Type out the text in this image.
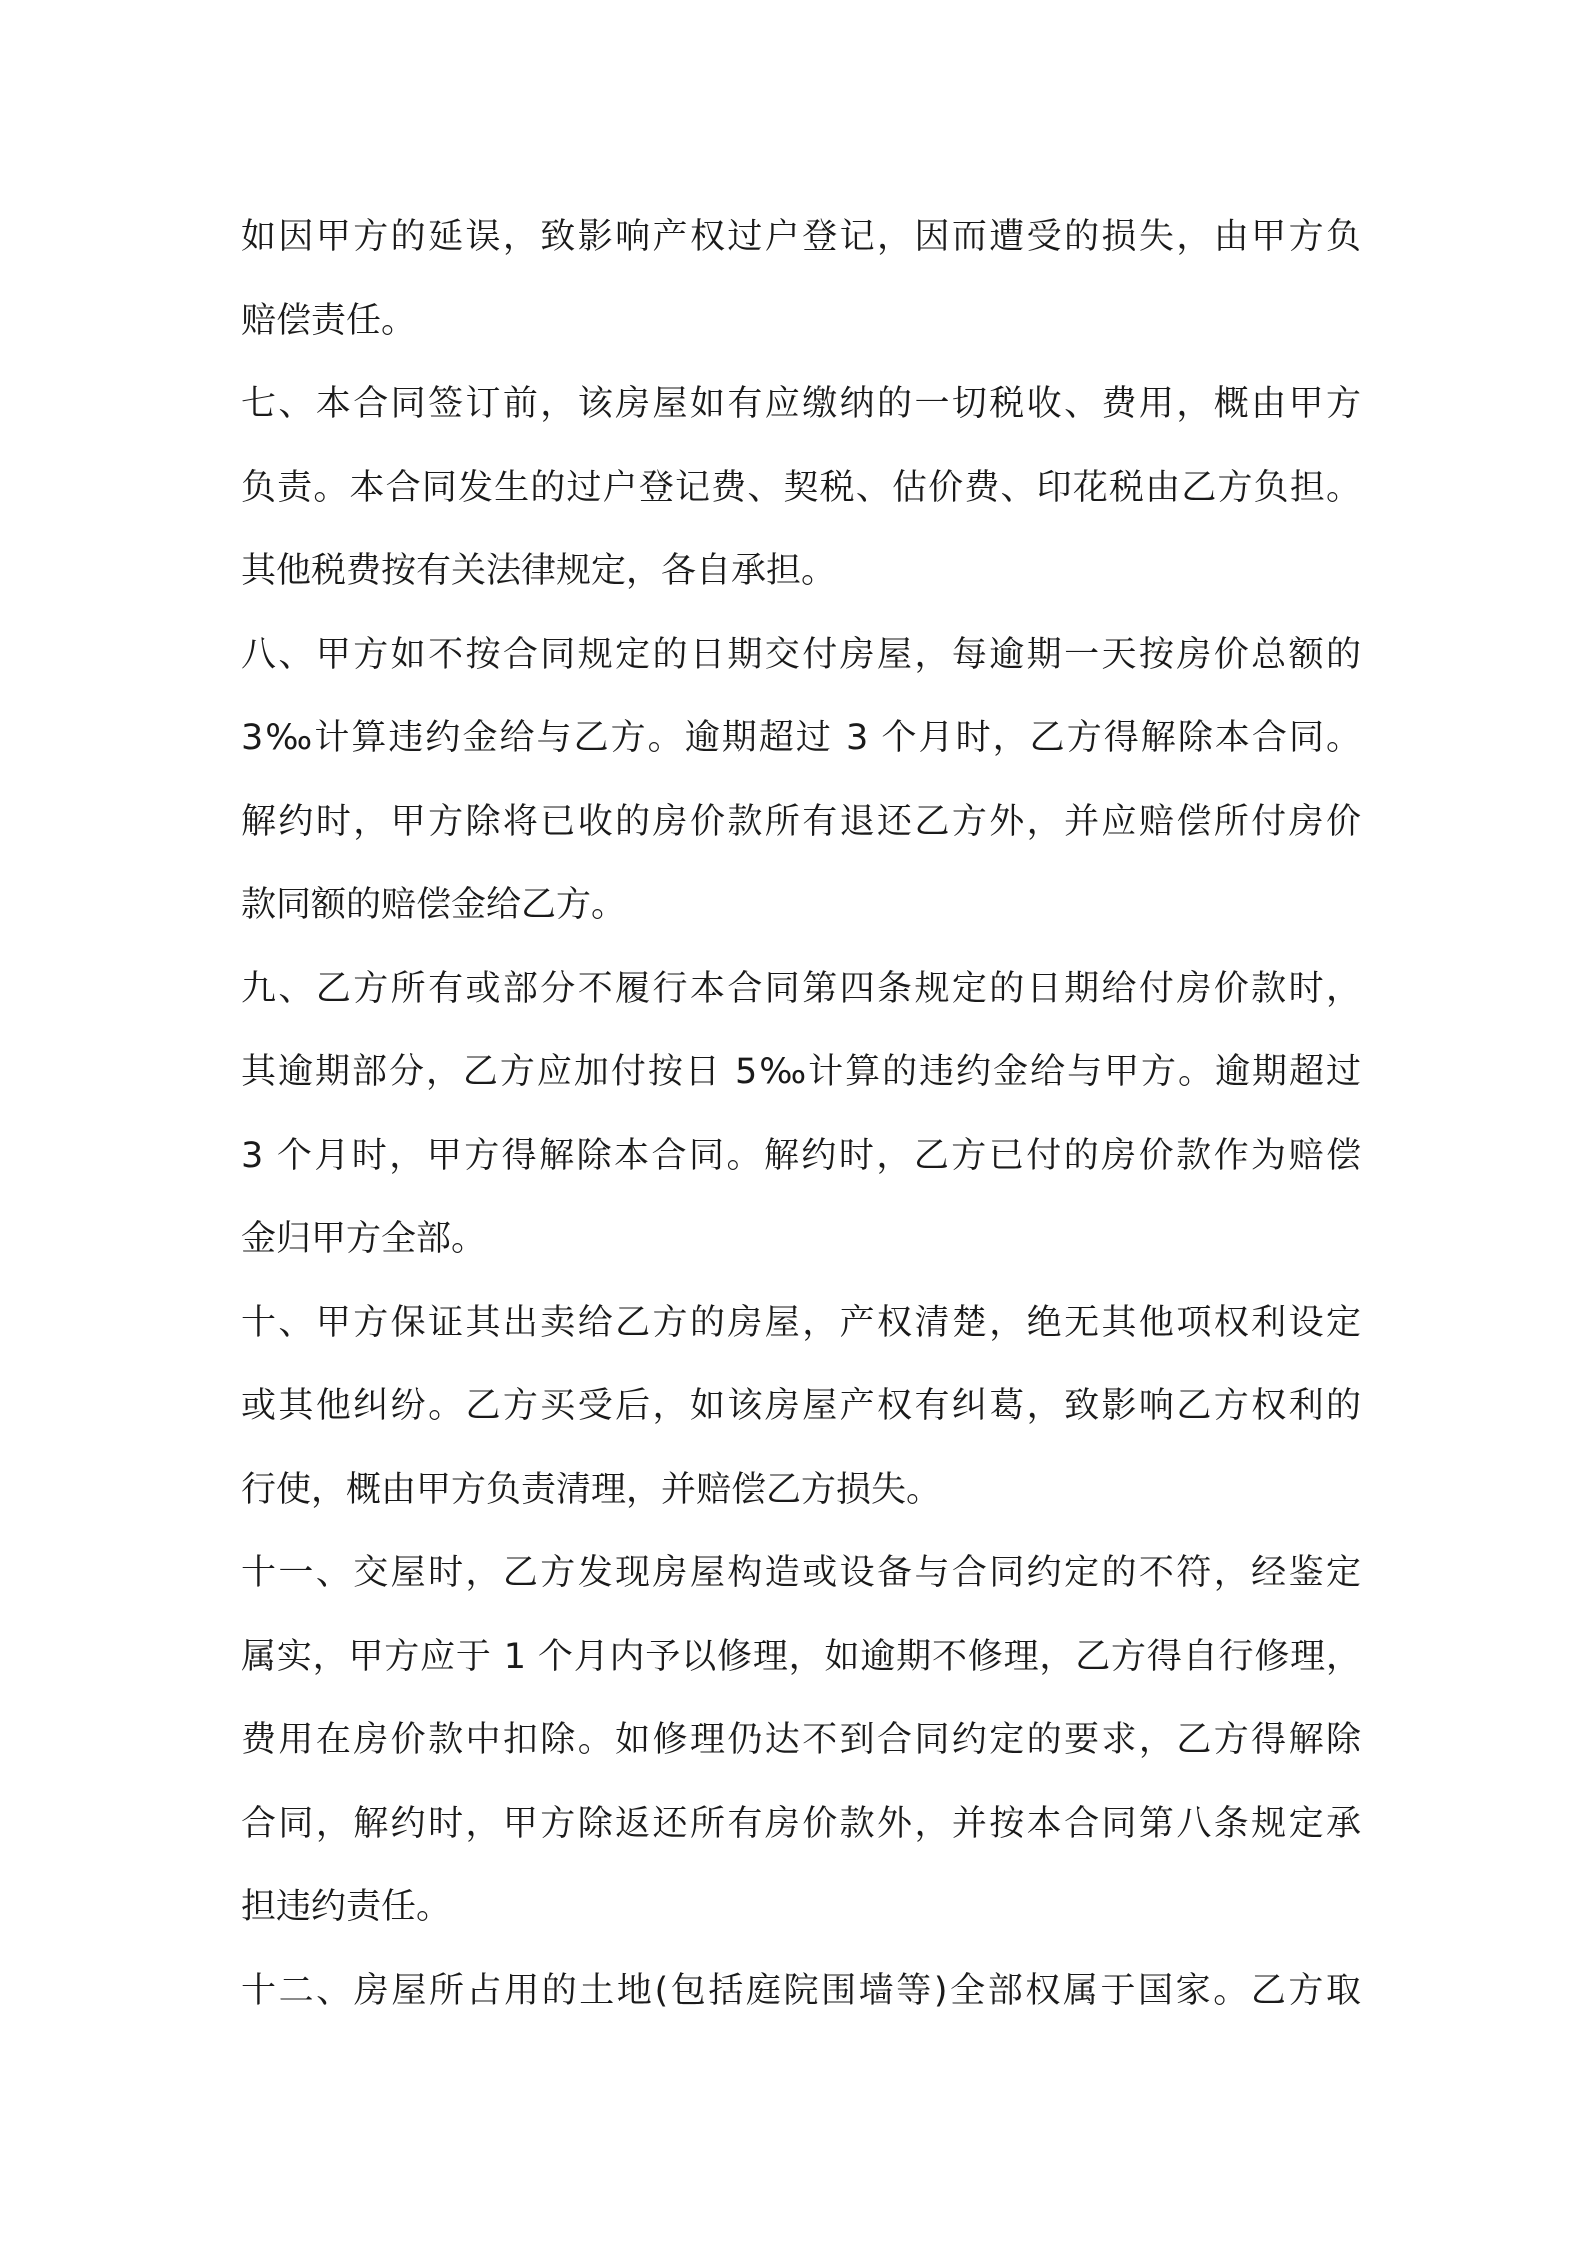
如因甲方的延误，致影响产权过户登记，因而遭受的损失，由甲方负
赔偿责任。
七、本合同签订前，该房屋如有应缴纳的一切税收、费用，概由甲方
负责。本合同发生的过户登记费、契税、估价费、印花税由乙方负担。
其他税费按有关法律规定，各自承担。
八、甲方如不按合同规定的日期交付房屋，每逾期一天按房价总额的
3‰计算违约金给与乙方。逾期超过 3 个月时，乙方得解除本合同。
解约时，甲方除将已收的房价款所有退还乙方外，并应赔偿所付房价
款同额的赔偿金给乙方。
九、乙方所有或部分不履行本合同第四条规定的日期给付房价款时，
其逾期部分，乙方应加付按日 5‰计算的违约金给与甲方。逾期超过
3 个月时，甲方得解除本合同。解约时，乙方已付的房价款作为赔偿
金归甲方全部。
十、甲方保证其出卖给乙方的房屋，产权清楚，绝无其他项权利设定
或其他纠纷。乙方买受后，如该房屋产权有纠葛，致影响乙方权利的
行使，概由甲方负责清理，并赔偿乙方损失。
十一、交屋时，乙方发现房屋构造或设备与合同约定的不符，经鉴定
属实，甲方应于 1 个月内予以修理，如逾期不修理，乙方得自行修理，
费用在房价款中扣除。如修理仍达不到合同约定的要求，乙方得解除
合同，解约时，甲方除返还所有房价款外，并按本合同第八条规定承
担违约责任。
十二、房屋所占用的土地(包括庭院围墙等)全部权属于国家。乙方取
